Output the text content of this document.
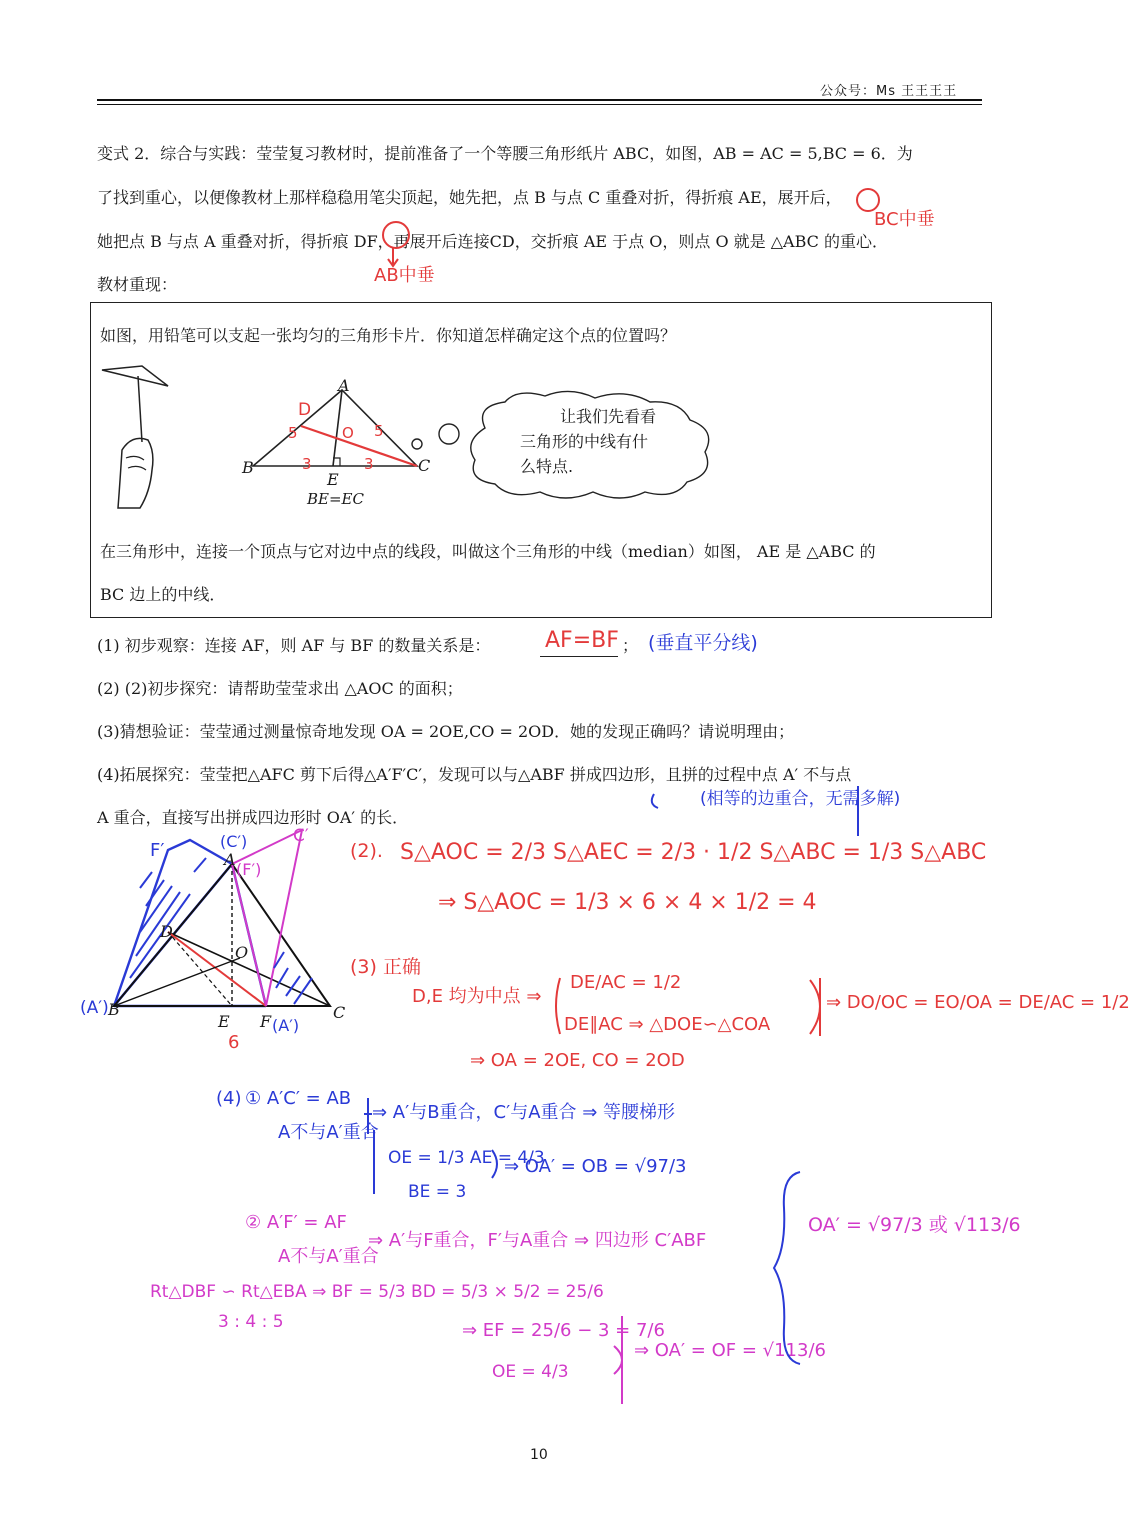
公众号：Ms 王王王王
变式 2．综合与实践：莹莹复习教材时，提前准备了一个等腰三角形纸片 ABC，如图，AB = AC = 5,BC = 6．为
了找到重心，以便像教材上那样稳稳用笔尖顶起，她先把，点 B 与点 C 重叠对折，得折痕 AE，展开后，
她把点 B 与点 A 重叠对折，得折痕 DF，再展开后连接CD，交折痕 AE 于点 O，则点 O 就是 △ABC 的重心．
教材重现：
BC中垂
AB中垂
如图，用铅笔可以支起一张均匀的三角形卡片．你知道怎样确定这个点的位置吗？
A
B	C
E
D
O
5	5
3	3
BE=EC
让我们先看看
三角形的中线有什
么特点.
在三角形中，连接一个顶点与它对边中点的线段，叫做这个三角形的中线（median）如图， AE 是 △ABC 的
BC 边上的中线．
(1) 初步观察：连接 AF，则 AF 与 BF 的数量关系是： AF=BF ； (垂直平分线)
(2) (2)初步探究：请帮助莹莹求出 △AOC 的面积；
(3)猜想验证：莹莹通过测量惊奇地发现 OA = 2OE,CO = 2OD．她的发现正确吗？请说明理由；
(4)拓展探究：莹莹把△AFC 剪下后得△A′F′C′，发现可以与△ABF 拼成四边形，且拼的过程中点 A′ 不与点
A 重合，直接写出拼成四边形时 OA′ 的长．
(相等的边重合，无需多解)
F′	(C′)
A
C′
(F′)
D
O
(A′) B
E F (A′)
C
6
(2). S△AOC = 2/3 S△AEC = 2/3 · 1/2 S△ABC = 1/3 S△ABC
⇒ S△AOC = 1/3 × 6 × 4 × 1/2 = 4
(3) 正确
D,E 均为中点 ⇒
DE/AC = 1/2
DE∥AC ⇒ △DOE∽△COA
⇒ DO/OC = EO/OA = DE/AC = 1/2
⇒ OA = 2OE, CO = 2OD
(4) ① A′C′ = AB
A不与A′重合
⇒ A′与B重合，C′与A重合 ⇒ 等腰梯形
OE = 1/3 AE = 4/3
BE = 3
⇒ OA′ = OB = √97/3
② A′F′ = AF
A不与A′重合
⇒ A′与F重合，F′与A重合 ⇒ 四边形 C′ABF
Rt△DBF ∽ Rt△EBA ⇒ BF = 5/3 BD = 5/3 × 5/2 = 25/6
3 : 4 : 5	⇒ EF = 25/6 − 3 = 7/6
OE = 4/3
⇒ OA′ = OF = √113/6
OA′ = √97/3 或 √113/6
10
